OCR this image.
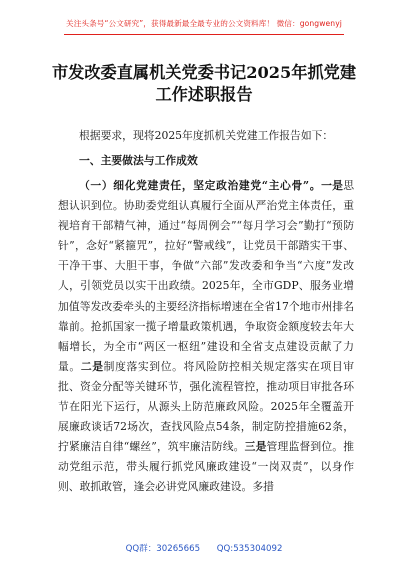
关注头条号“公文研究”，获得最新最全最专业的公文资料库！ 微信：gongwenyj
市发改委直属机关党委书记2025年抓党建工作述职报告
根据要求，现将2025年度抓机关党建工作报告如下：
一、主要做法与工作成效
（一）细化党建责任，坚定政治建党“主心骨”。一是思想认识到位。协助委党组认真履行全面从严治党主体责任，重视培育干部精气神，通过“每周例会”“每月学习会”勤打“预防针”，念好“紧箍咒”，拉好“警戒线”，让党员干部踏实干事、干净干事、大胆干事，争做“六部”发改委和争当“六度”发改人，引领党员以实干出政绩。2025年，全市GDP、服务业增加值等发改委牵头的主要经济指标增速在全省17个地市州排名靠前。抢抓国家一揽子增量政策机遇，争取资金额度较去年大幅增长，为全市“两区一枢纽”建设和全省支点建设贡献了力量。二是制度落实到位。将风险防控相关规定落实在项目审批、资金分配等关键环节，强化流程管控，推动项目审批各环节在阳光下运行，从源头上防范廉政风险。2025年全覆盖开展廉政谈话72场次，查找风险点54条，制定防控措施62条，拧紧廉洁自律“螺丝”，筑牢廉洁防线。三是管理监督到位。推动党组示范，带头履行抓党风廉政建设“一岗双责”，以身作则、敢抓敢管，逢会必讲党风廉政建设。多措
QQ群：30265665 QQ:535304092
